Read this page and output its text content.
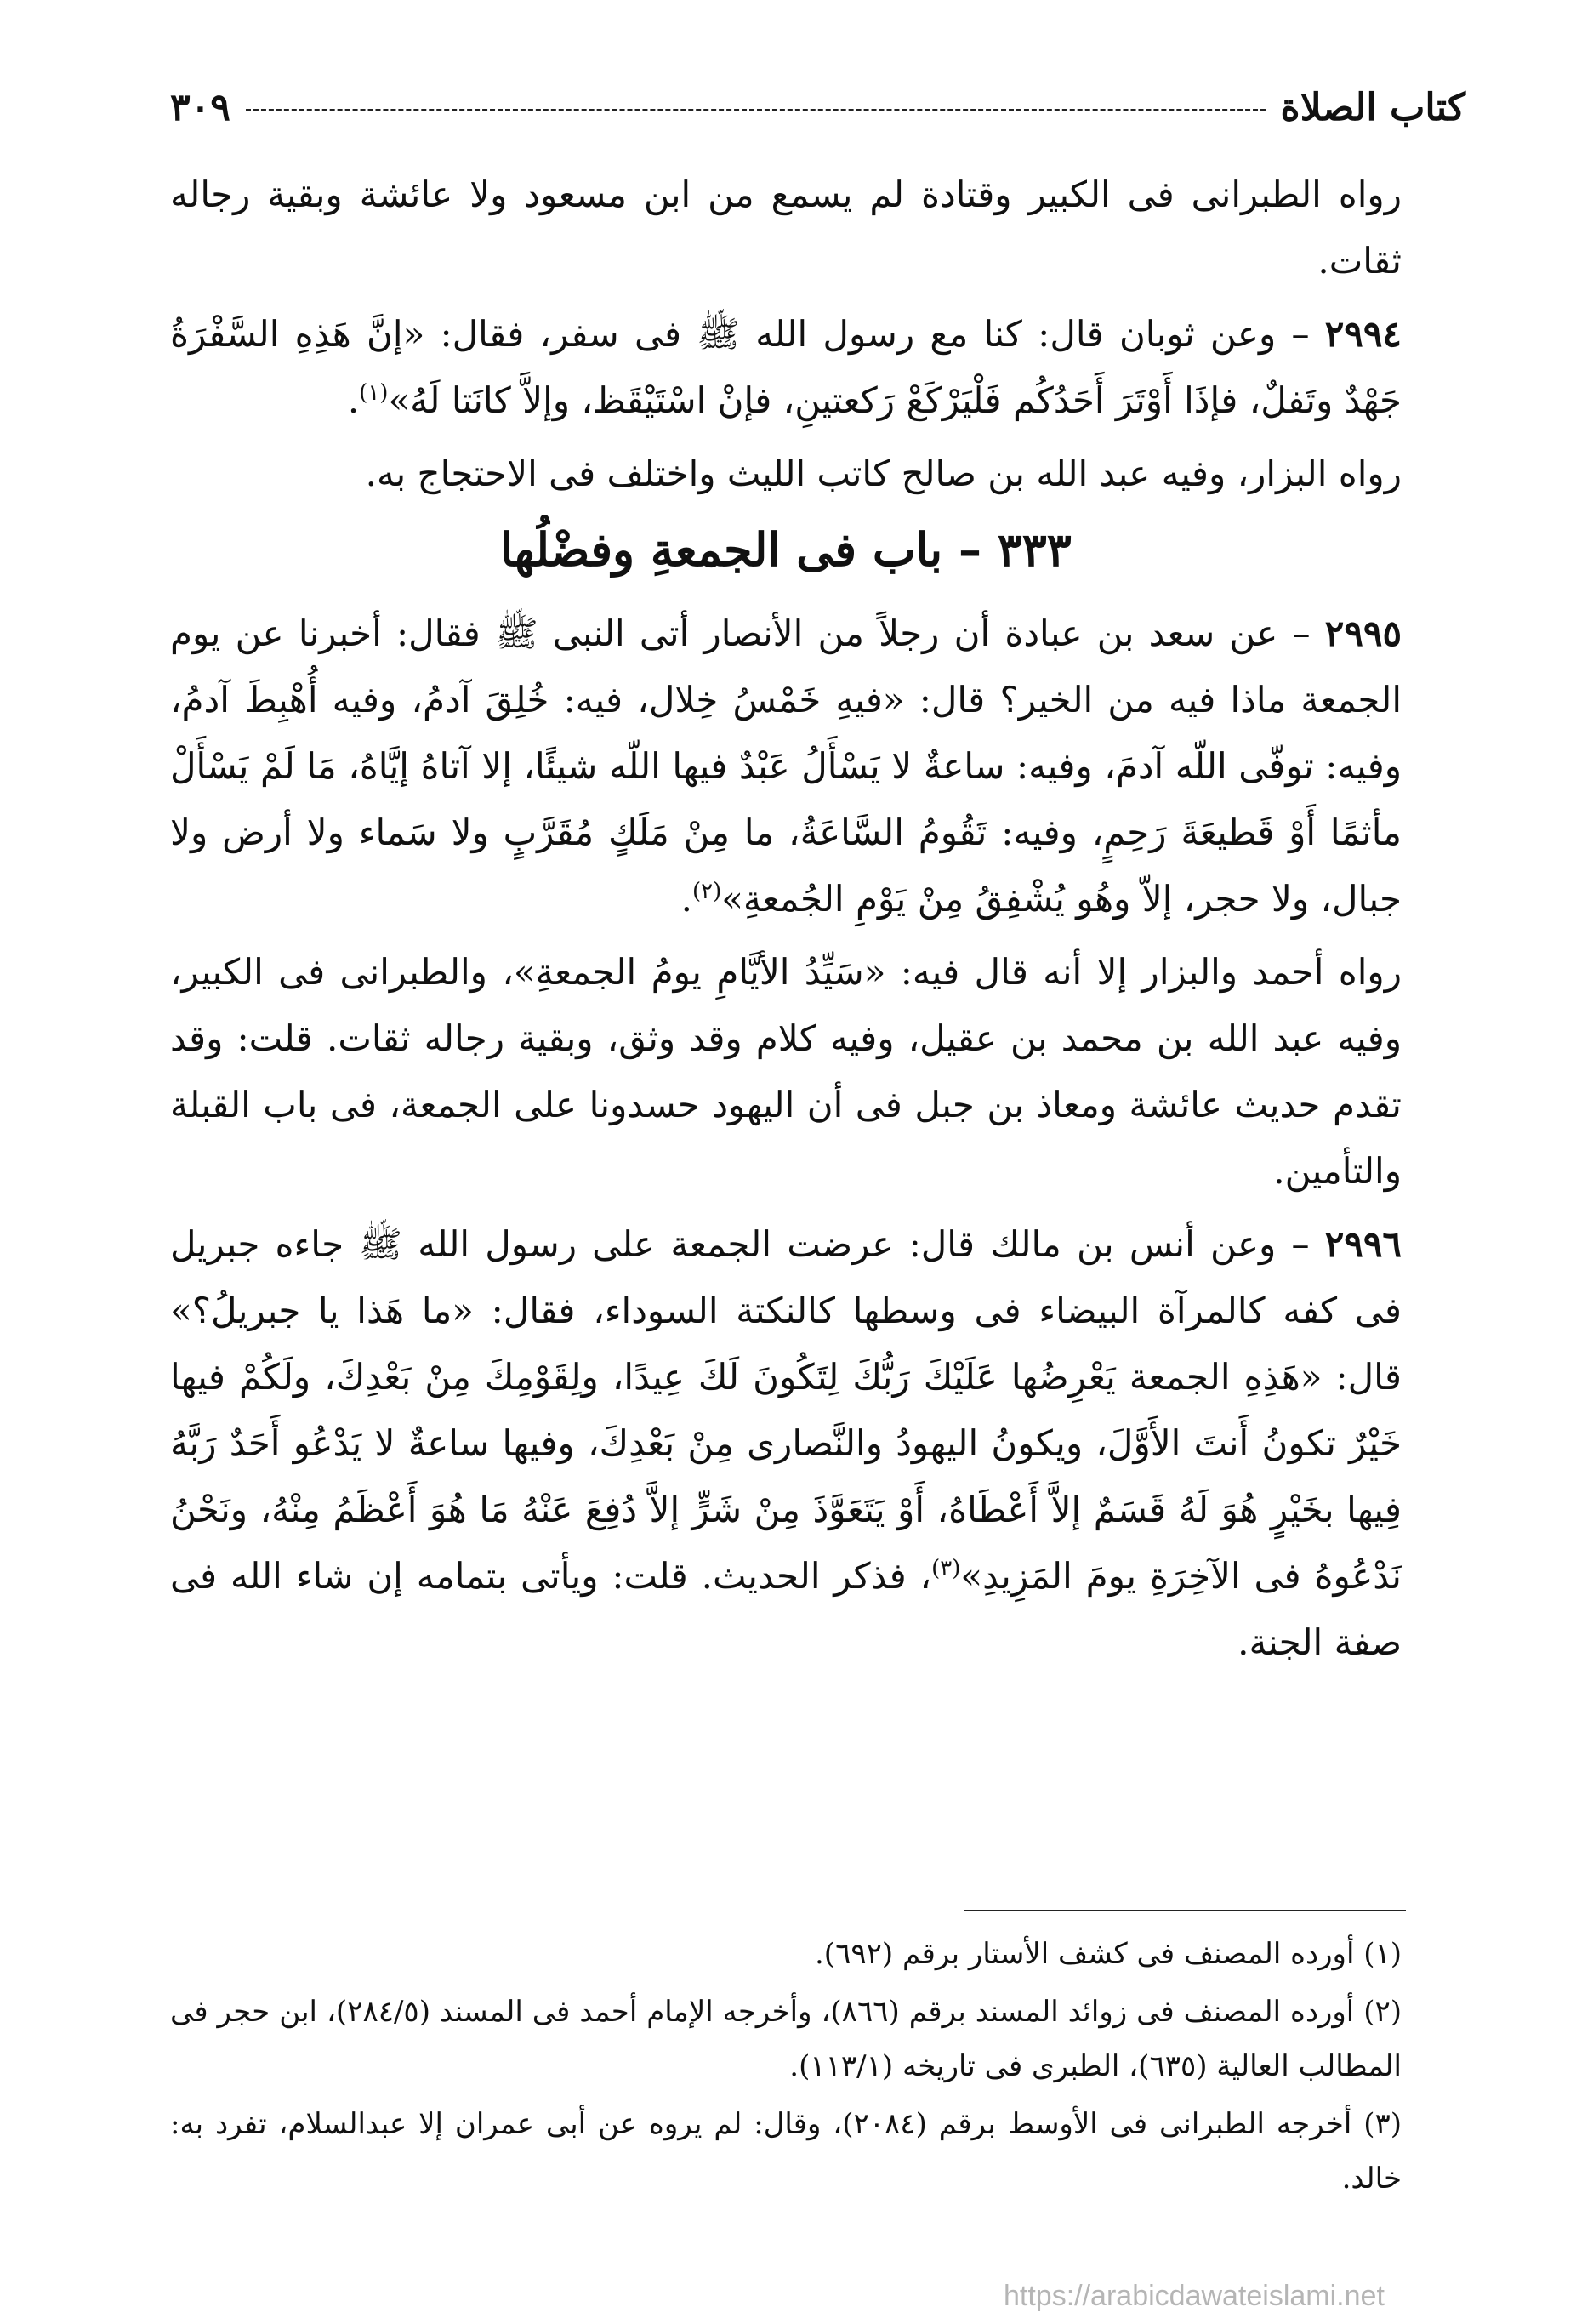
كتاب الصلاة
٣٠٩

رواه الطبرانى فى الكبير وقتادة لم يسمع من ابن مسعود ولا عائشة وبقية رجاله ثقات.

٢٩٩٤ – وعن ثوبان قال: كنا مع رسول الله ﷺ فى سفر، فقال: «إنَّ هَذِهِ السَّفْرَةُ جَهْدٌ وتَفلٌ، فإذَا أَوْتَرَ أَحَدُكُم فَلْيَرْكَعْ رَكعتينِ، فإنْ اسْتَيْقَظ، وإلاَّ كانَتا لَهُ»$^{(١)}$.

رواه البزار، وفيه عبد الله بن صالح كاتب الليث واختلف فى الاحتجاج به.

٣٣٣ – باب فى الجمعةِ وفضْلُها

٢٩٩٥ – عن سعد بن عبادة أن رجلاً من الأنصار أتى النبى ﷺ فقال: أخبرنا عن يوم الجمعة ماذا فيه من الخير؟ قال: «فيهِ خَمْسُ خِلال، فيه: خُلِقَ آدمُ، وفيه أُهْبِطَ آدمُ، وفيه: توفّى اللّه آدمَ، وفيه: ساعةٌ لا يَسْأَلُ عَبْدٌ فيها اللّه شيئًا، إلا آتاهُ إيَّاهُ، مَا لَمْ يَسْأَلْ مأثمًا أَوْ قَطيعَةَ رَحِمٍ، وفيه: تَقُومُ السَّاعَةُ، ما مِنْ مَلَكٍ مُقَرَّبٍ ولا سَماء ولا أرض ولا جبال، ولا حجر، إلاّ وهُو يُشْفِقُ مِنْ يَوْمِ الجُمعةِ»$^{(٢)}$.

رواه أحمد والبزار إلا أنه قال فيه: «سَيِّدُ الأيَّامِ يومُ الجمعةِ»، والطبرانى فى الكبير، وفيه عبد الله بن محمد بن عقيل، وفيه كلام وقد وثق، وبقية رجاله ثقات. قلت: وقد تقدم حديث عائشة ومعاذ بن جبل فى أن اليهود حسدونا على الجمعة، فى باب القبلة والتأمين.

٢٩٩٦ – وعن أنس بن مالك قال: عرضت الجمعة على رسول الله ﷺ جاءه جبريل فى كفه كالمرآة البيضاء فى وسطها كالنكتة السوداء، فقال: «ما هَذا يا جبريلُ؟» قال: «هَذِهِ الجمعة يَعْرِضُها عَلَيْكَ رَبُّكَ لِتَكُونَ لَكَ عِيدًا، ولِقَوْمِكَ مِنْ بَعْدِكَ، ولَكُمْ فيها خَيْرٌ تكونُ أَنتَ الأَوَّلَ، ويكونُ اليهودُ والنَّصارى مِنْ بَعْدِكَ، وفيها ساعةٌ لا يَدْعُو أَحَدٌ رَبَّهُ فِيها بخَيْرٍ هُوَ لَهُ قَسَمٌ إلاَّ أَعْطَاهُ، أَوْ يَتَعَوَّذَ مِنْ شَرٍّ إلاَّ دُفِعَ عَنْهُ مَا هُوَ أَعْظَمُ مِنْهُ، ونَحْنُ نَدْعُوهُ فى الآخِرَةِ يومَ المَزِيدِ»$^{(٣)}$، فذكر الحديث. قلت: ويأتى بتمامه إن شاء الله فى صفة الجنة.

(١) أورده المصنف فى كشف الأستار برقم (٦٩٢).

(٢) أورده المصنف فى زوائد المسند برقم (٨٦٦)، وأخرجه الإمام أحمد فى المسند (٢٨٤/٥)، ابن حجر فى المطالب العالية (٦٣٥)، الطبرى فى تاريخه (١١٣/١).

(٣) أخرجه الطبرانى فى الأوسط برقم (٢٠٨٤)، وقال: لم يروه عن أبى عمران إلا عبدالسلام، تفرد به: خالد.

https://arabicdawateislami.net
